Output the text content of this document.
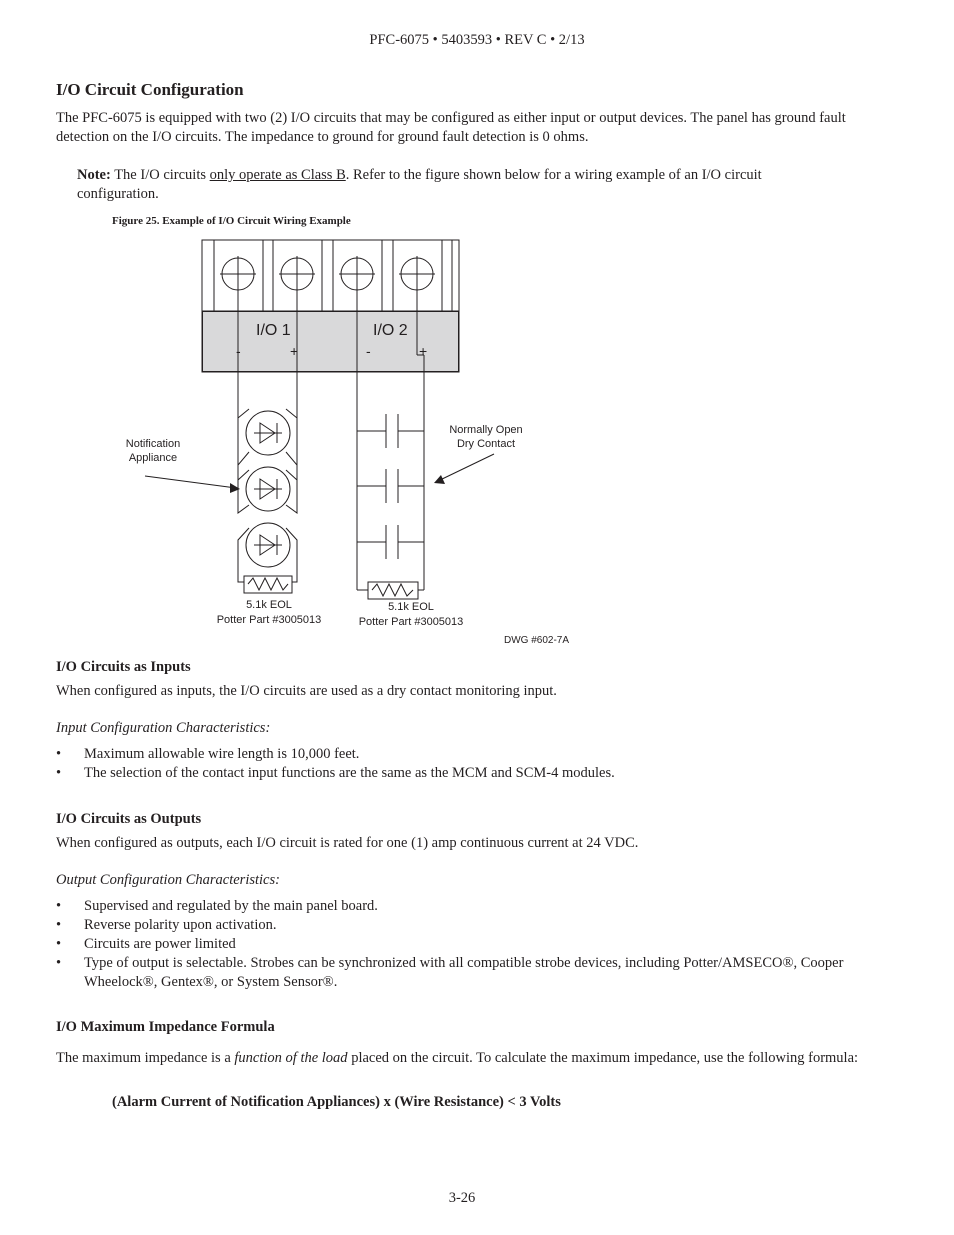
PFC-6075 • 5403593 • REV C • 2/13
I/O Circuit Configuration

The PFC-6075 is equipped with two (2) I/O circuits that may be configured as either input or output devices. The panel has ground fault detection on the I/O circuits. The impedance to ground for ground fault detection is 0 ohms.

Note: The I/O circuits only operate as Class B. Refer to the figure shown below for a wiring example of an I/O circuit configuration.

Figure 25. Example of I/O Circuit Wiring Example
I/O 1	I/O 2
-	+	-	+
Notification
Appliance
Normally Open
Dry Contact
5.1k EOL
Potter Part #3005013
5.1k EOL
Potter Part #3005013
DWG #602-7A
I/O Circuits as Inputs

When configured as inputs, the I/O circuits are used as a dry contact monitoring input.

Input Configuration Characteristics:

• Maximum allowable wire length is 10,000 feet.
• The selection of the contact input functions are the same as the MCM and SCM-4 modules.
I/O Circuits as Outputs

When configured as outputs, each I/O circuit is rated for one (1) amp continuous current at 24 VDC.

Output Configuration Characteristics:

• Supervised and regulated by the main panel board.
• Reverse polarity upon activation.
• Circuits are power limited
• Type of output is selectable. Strobes can be synchronized with all compatible strobe devices, including Potter/AMSECO®, Cooper Wheelock®, Gentex®, or System Sensor®.
I/O Maximum Impedance Formula

The maximum impedance is a function of the load placed on the circuit. To calculate the maximum impedance, use the following formula:

(Alarm Current of Notification Appliances) x (Wire Resistance) < 3 Volts

3-26
